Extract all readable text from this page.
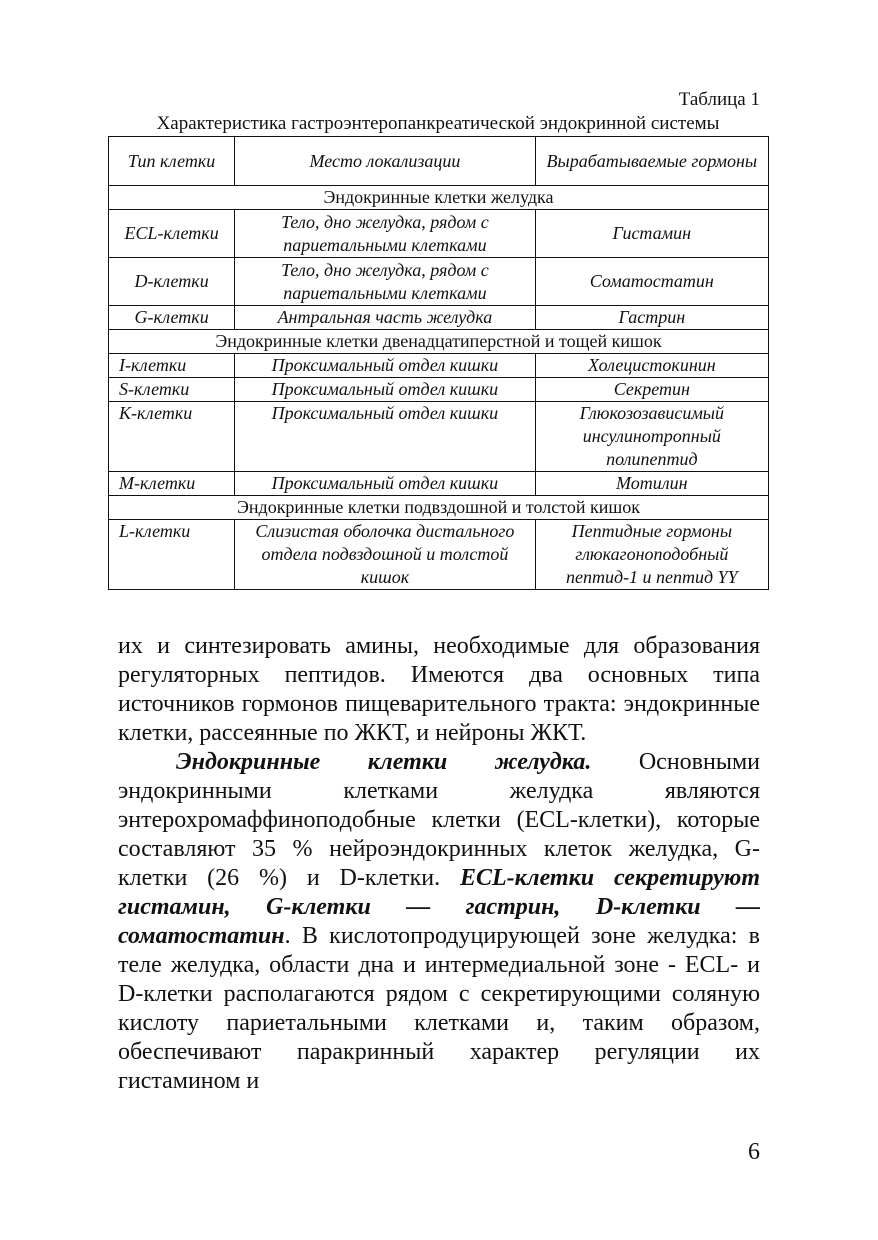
Таблица 1
Характеристика гастроэнтеропанкреатической эндокринной системы
Тип клетки	Место локализации	Вырабатываемые гормоны
Эндокринные клетки желудка		
ECL-клетки	Тело, дно желудка, рядом с париетальными клетками	Гистамин
D-клетки	Тело, дно желудка, рядом с париетальными клетками	Соматостатин
G-клетки	Антральная часть желудка	Гастрин
Эндокринные клетки двенадцатиперстной и тощей кишок		
I-клетки	Проксимальный отдел кишки	Холецистокинин
S-клетки	Проксимальный отдел кишки	Секретин
K-клетки	Проксимальный отдел кишки	Глюкозозависимый инсулинотропный полипептид
M-клетки	Проксимальный отдел кишки	Мотилин
Эндокринные клетки подвздошной и толстой кишок		
L-клетки	Слизистая оболочка дистального отдела подвздошной и толстой кишок	Пептидные гормоны глюкагоноподобный пептид-1 и пептид YY

их и синтезировать амины, необходимые для образования регуляторных пептидов. Имеются два основных типа источников гормонов пищеварительного тракта: эндокринные клетки, рассеянные по ЖКТ, и нейроны ЖКТ.

Эндокринные клетки желудка. Основными эндокринными клетками желудка являются энтерохромаффиноподобные клетки (ECL-клетки), которые составляют 35 % нейроэндокринных клеток желудка, G-клетки (26 %) и D-клетки. ECL-клетки секретируют гистамин, G-клетки — гастрин, D-клетки — соматостатин. В кислотопродуцирующей зоне желудка: в теле желудка, области дна и интермедиальной зоне - ECL- и D-клетки располагаются рядом с секретирующими соляную кислоту париетальными клетками и, таким образом, обеспечивают паракринный характер регуляции их гистамином и

6
